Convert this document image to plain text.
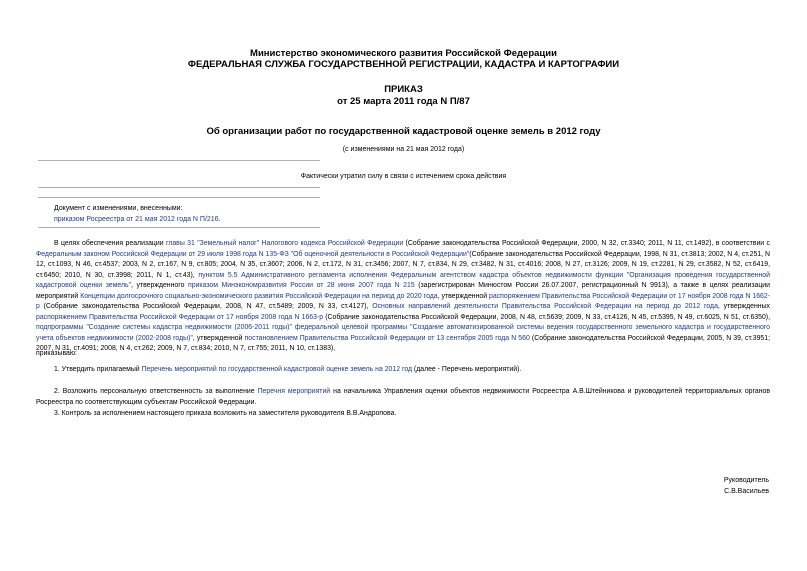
Министерство экономического развития Российской Федерации
ФЕДЕРАЛЬНАЯ СЛУЖБА ГОСУДАРСТВЕННОЙ РЕГИСТРАЦИИ, КАДАСТРА И КАРТОГРАФИИ
ПРИКАЗ
от 25 марта 2011 года N П/87
Об организации работ по государственной кадастровой оценке земель в 2012 году
(с изменениями на 21 мая 2012 года)
Фактически утратил силу в связи с истечением срока действия
Документ с изменениями, внесенными:
приказом Росреестра от 21 мая 2012 года N П/216.
В целях обеспечения реализации главы 31 "Земельный налог" Налогового кодекса Российской Федерации (Собрание законодательства Российской Федерации, 2000, N 32, ст.3340; 2011, N 11, ст.1492), в соответствии с Федеральным законом Российской Федерации от 29 июля 1998 года N 135-ФЗ "Об оценочной деятельности в Российской Федерации"(Собрание законодательства Российской Федерации, 1998, N 31, ст.3813; 2002, N 4, ст.251, N 12, ст.1093, N 46, ст.4537; 2003, N 2, ст.167, N 9, ст.805; 2004, N 35, ст.3607; 2006, N 2, ст.172, N 31, ст.3456; 2007, N 7, ст.834, N 29, ст.3482, N 31, ст.4016; 2008, N 27, ст.3126; 2009, N 19, ст.2281, N 29, ст.3582, N 52, ст.6419, ст.6450; 2010, N 30, ст.3998; 2011, N 1, ст.43), пунктом 5.5 Административного регламента исполнения Федеральным агентством кадастра объектов недвижимости функции "Организация проведения государственной кадастровой оценки земель", утвержденного приказом Минэкономразвития России от 28 июня 2007 года N 215 (зарегистрирован Минюстом России 26.07.2007, регистрационный N 9913), а также в целях реализации мероприятий Концепции долгосрочного социально-экономического развития Российской Федерации на период до 2020 года, утвержденной распоряжением Правительства Российской Федерации от 17 ноября 2008 года N 1662-р (Собрание законодательства Российской Федерации, 2008, N 47, ст.5489; 2009, N 33, ст.4127), Основных направлений деятельности Правительства Российской Федерации на период до 2012 года, утвержденных распоряжением Правительства Российской Федерации от 17 ноября 2008 года N 1663-р (Собрание законодательства Российской Федерации, 2008, N 48, ст.5639; 2009, N 33, ст.4126, N 45, ст.5395, N 49, ст.6025, N 51, ст.6350), подпрограммы "Создание системы кадастра недвижимости (2006-2011 годы)" федеральной целевой программы "Создание автоматизированной системы ведения государственного земельного кадастра и государственного учета объектов недвижимости (2002-2008 годы)", утвержденной постановлением Правительства Российской Федерации от 13 сентября 2005 года N 560 (Собрание законодательства Российской Федерации, 2005, N 39, ст.3951; 2007, N 31, ст.4091; 2008, N 4, ст.262; 2009, N 7, ст.834; 2010, N 7, ст.755; 2011, N 10, ст.1383),
приказываю:
1. Утвердить прилагаемый Перечень мероприятий по государственной кадастровой оценке земель на 2012 год (далее - Перечень мероприятий).
2. Возложить персональную ответственность за выполнение Перечня мероприятий на начальника Управления оценки объектов недвижимости Росреестра А.В.Штейникова и руководителей территориальных органов Росреестра по соответствующим субъектам Российской Федерации.
3. Контроль за исполнением настоящего приказа возложить на заместителя руководителя В.В.Андропова.
Руководитель
С.В.Васильев
